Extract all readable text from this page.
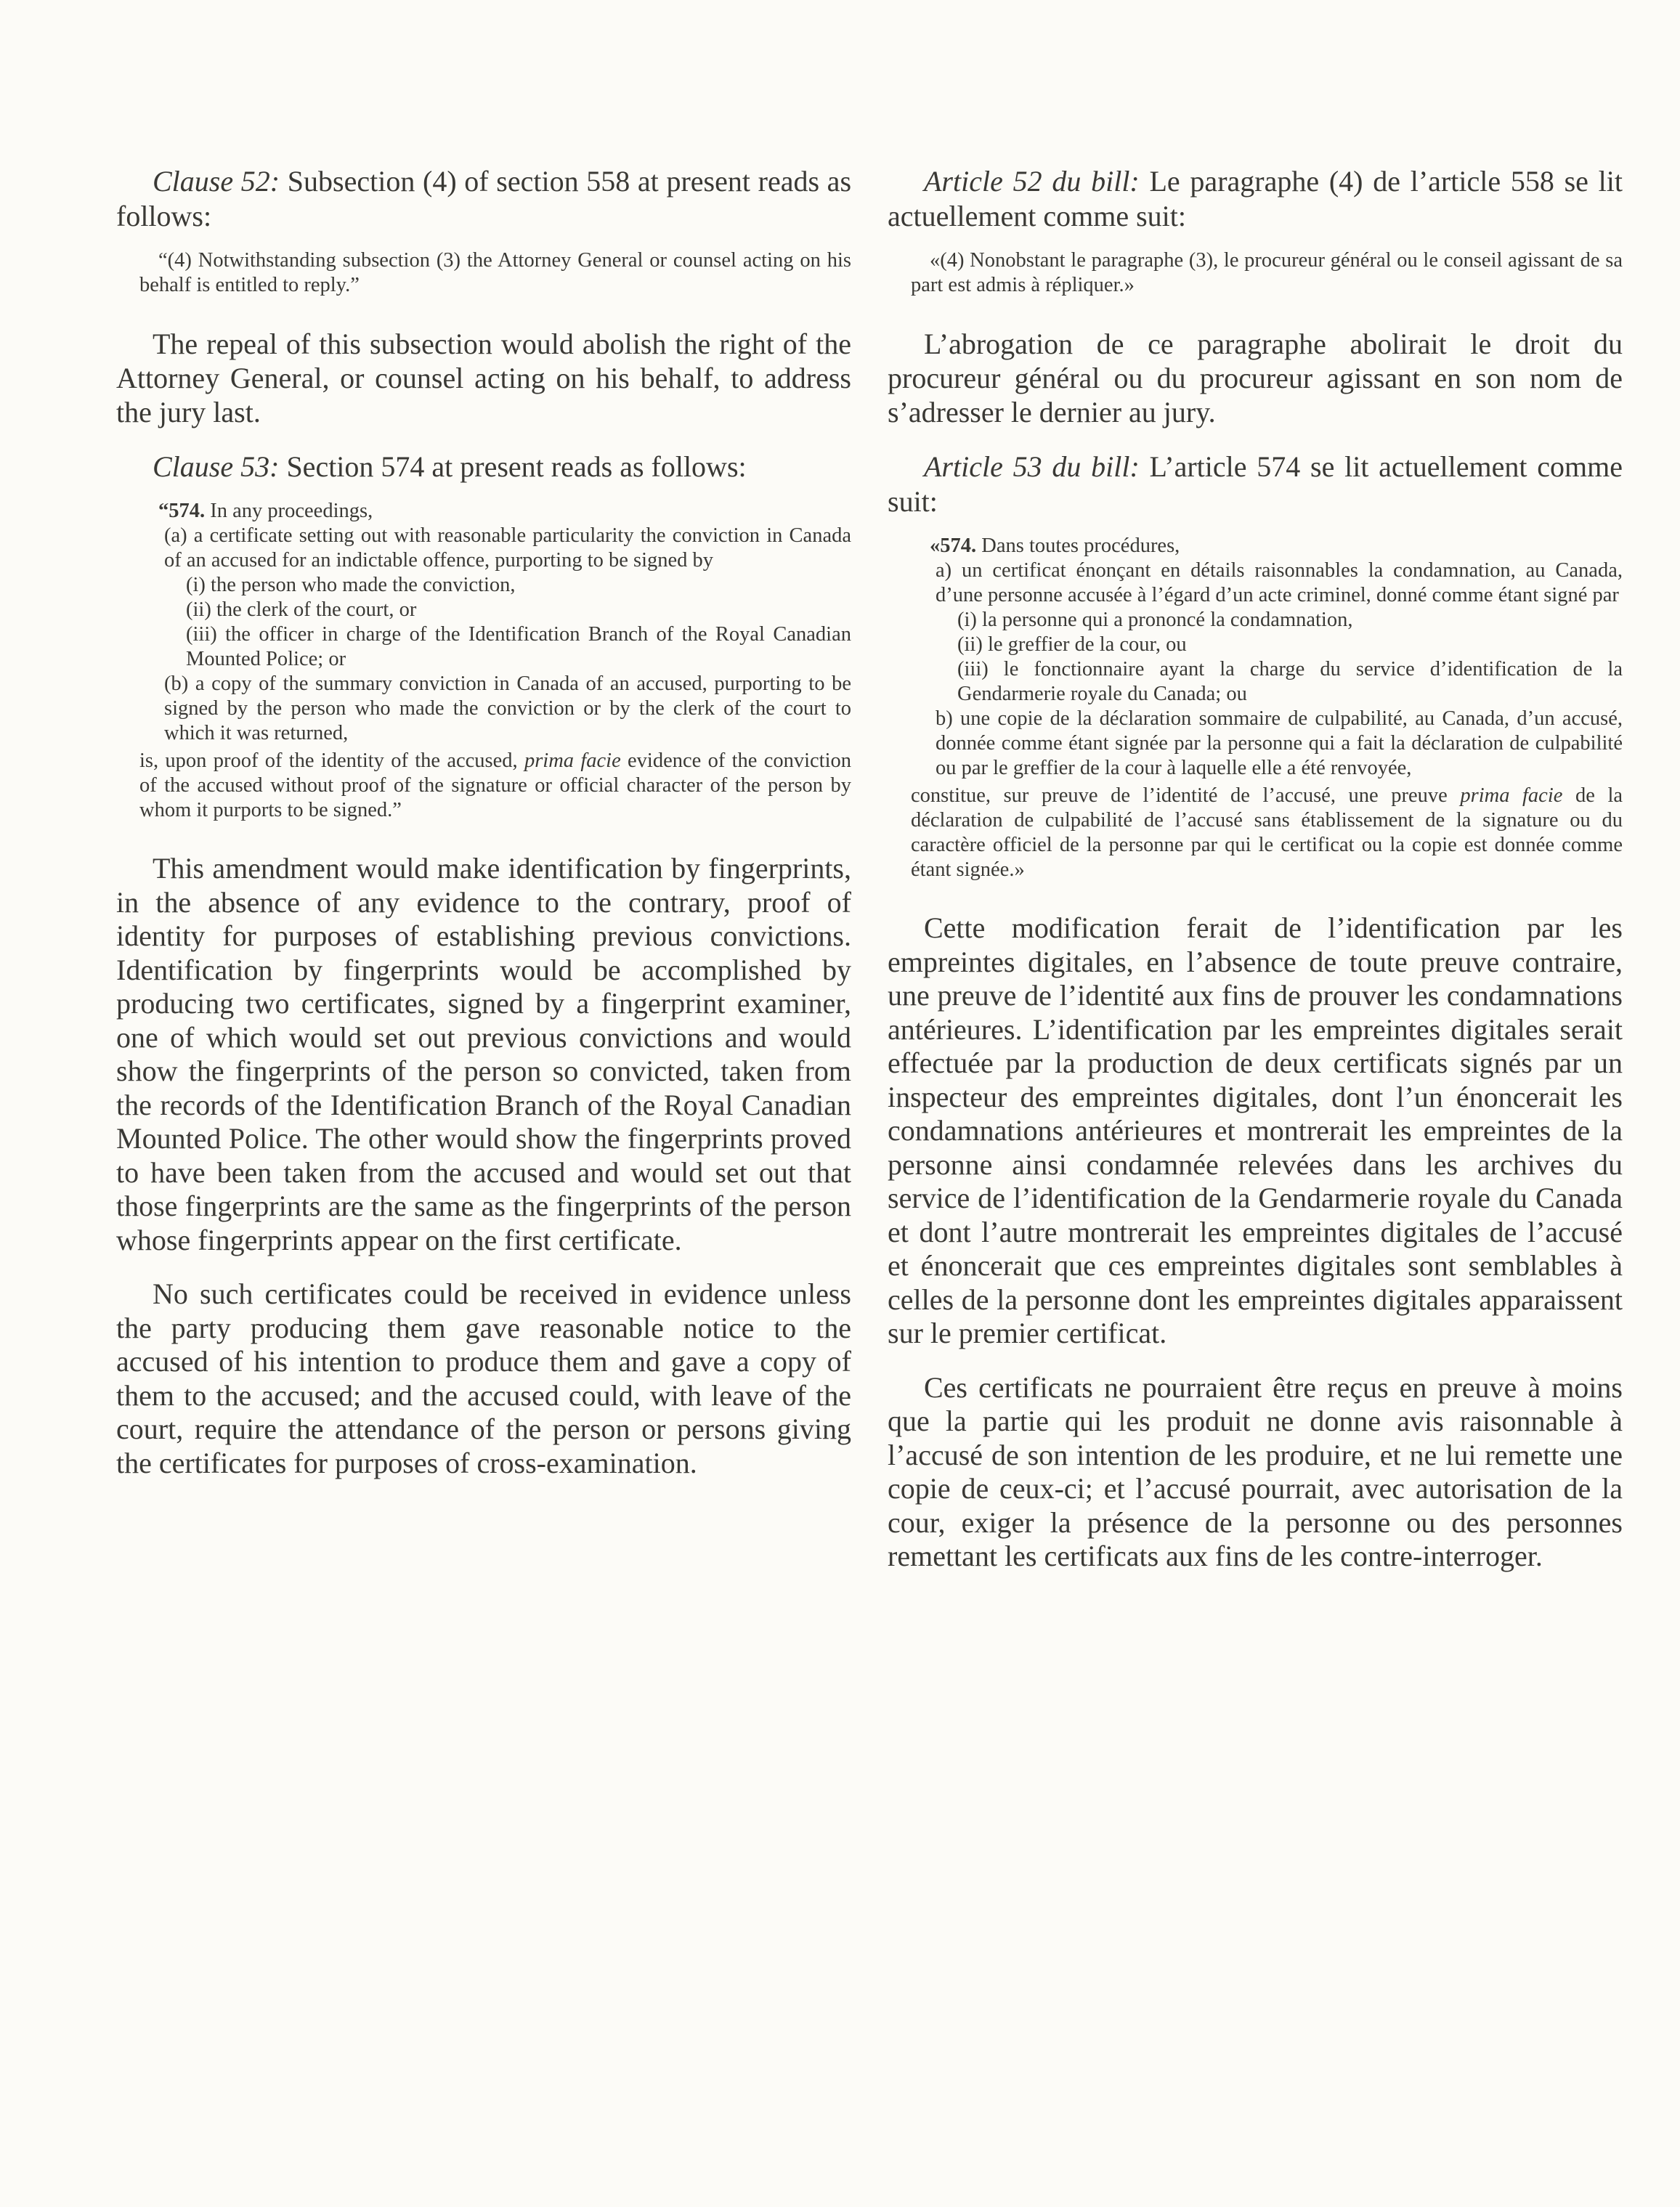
Clause 52: Subsection (4) of section 558 at present reads as follows:

“(4) Notwithstanding subsection (3) the Attorney General or counsel acting on his behalf is entitled to reply.”

The repeal of this subsection would abolish the right of the Attorney General, or counsel acting on his behalf, to address the jury last.

Clause 53: Section 574 at present reads as follows:

“574. In any proceedings,

(a) a certificate setting out with reasonable particularity the conviction in Canada of an accused for an indictable offence, purporting to be signed by

(i) the person who made the conviction,

(ii) the clerk of the court, or

(iii) the officer in charge of the Identification Branch of the Royal Canadian Mounted Police; or

(b) a copy of the summary conviction in Canada of an accused, purporting to be signed by the person who made the conviction or by the clerk of the court to which it was returned,

is, upon proof of the identity of the accused, prima facie evidence of the conviction of the accused without proof of the signature or official character of the person by whom it purports to be signed.”

This amendment would make identification by fingerprints, in the absence of any evidence to the contrary, proof of identity for purposes of establishing previous convictions. Identification by fingerprints would be accomplished by producing two certificates, signed by a fingerprint examiner, one of which would set out previous convictions and would show the fingerprints of the person so convicted, taken from the records of the Identification Branch of the Royal Canadian Mounted Police. The other would show the fingerprints proved to have been taken from the accused and would set out that those fingerprints are the same as the fingerprints of the person whose fingerprints appear on the first certificate.

No such certificates could be received in evidence unless the party producing them gave reasonable notice to the accused of his intention to produce them and gave a copy of them to the accused; and the accused could, with leave of the court, require the attendance of the person or persons giving the certificates for purposes of cross-examination.

Article 52 du bill: Le paragraphe (4) de l’article 558 se lit actuellement comme suit:

«(4) Nonobstant le paragraphe (3), le procureur général ou le conseil agissant de sa part est admis à répliquer.»

L’abrogation de ce paragraphe abolirait le droit du procureur général ou du procureur agissant en son nom de s’adresser le dernier au jury.

Article 53 du bill: L’article 574 se lit actuellement comme suit:

«574. Dans toutes procédures,

a) un certificat énonçant en détails raisonnables la condamnation, au Canada, d’une personne accusée à l’égard d’un acte criminel, donné comme étant signé par

(i) la personne qui a prononcé la condamnation,

(ii) le greffier de la cour, ou

(iii) le fonctionnaire ayant la charge du service d’identification de la Gendarmerie royale du Canada; ou

b) une copie de la déclaration sommaire de culpabilité, au Canada, d’un accusé, donnée comme étant signée par la personne qui a fait la déclaration de culpabilité ou par le greffier de la cour à laquelle elle a été renvoyée,

constitue, sur preuve de l’identité de l’accusé, une preuve prima facie de la déclaration de culpabilité de l’accusé sans établissement de la signature ou du caractère officiel de la personne par qui le certificat ou la copie est donnée comme étant signée.»

Cette modification ferait de l’identification par les empreintes digitales, en l’absence de toute preuve contraire, une preuve de l’identité aux fins de prouver les condamnations antérieures. L’identification par les empreintes digitales serait effectuée par la production de deux certificats signés par un inspecteur des empreintes digitales, dont l’un énoncerait les condamnations antérieures et montrerait les empreintes de la personne ainsi condamnée relevées dans les archives du service de l’identification de la Gendarmerie royale du Canada et dont l’autre montrerait les empreintes digitales de l’accusé et énoncerait que ces empreintes digitales sont semblables à celles de la personne dont les empreintes digitales apparaissent sur le premier certificat.

Ces certificats ne pourraient être reçus en preuve à moins que la partie qui les produit ne donne avis raisonnable à l’accusé de son intention de les produire, et ne lui remette une copie de ceux-ci; et l’accusé pourrait, avec autorisation de la cour, exiger la présence de la personne ou des personnes remettant les certificats aux fins de les contre-interroger.
